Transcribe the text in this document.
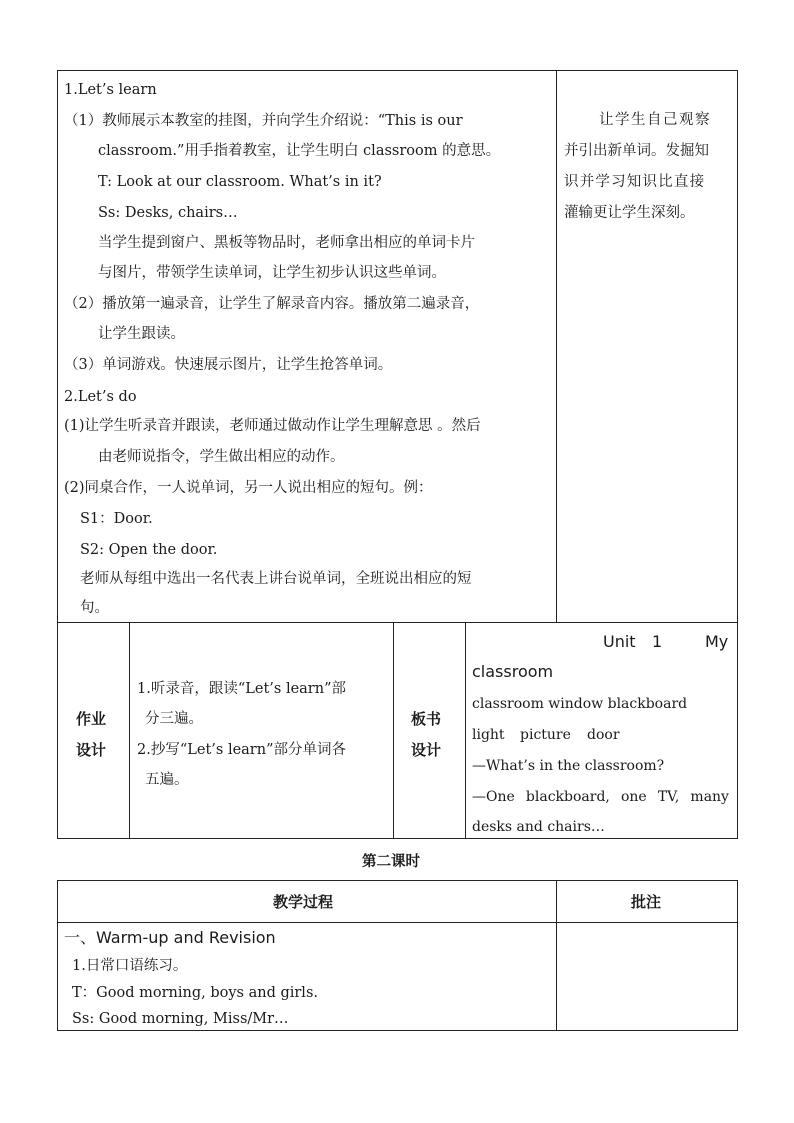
1.Let’s learn
（1）教师展示本教室的挂图，并向学生介绍说：“This is our
classroom.”用手指着教室，让学生明白 classroom 的意思。
T: Look at our classroom. What’s in it?
Ss: Desks, chairs…
当学生提到窗户、黑板等物品时，老师拿出相应的单词卡片
与图片，带领学生读单词，让学生初步认识这些单词。
（2）播放第一遍录音，让学生了解录音内容。播放第二遍录音，
让学生跟读。
（3）单词游戏。快速展示图片，让学生抢答单词。
2.Let’s do
(1)让学生听录音并跟读，老师通过做动作让学生理解意思 。然后
由老师说指令，学生做出相应的动作。
(2)同桌合作，一人说单词，另一人说出相应的短句。例：
S1：Door.
S2: Open the door.
老师从每组中选出一名代表上讲台说单词，全班说出相应的短
句。
让学生自己观察
并引出新单词。发掘知
识并学习知识比直接
灌输更让学生深刻。
作业
设计
1.听录音，跟读“Let’s learn”部
分三遍。
2.抄写“Let’s learn”部分单词各
五遍。
板书
设计
Unit 1	My
classroom
classroom window blackboard
light picture door
—What’s in the classroom?
—One blackboard, one TV, many
desks and chairs…
第二课时
教学过程	批注
一、Warm-up and Revision
1.日常口语练习。
T：Good morning, boys and girls.
Ss: Good morning, Miss/Mr…
